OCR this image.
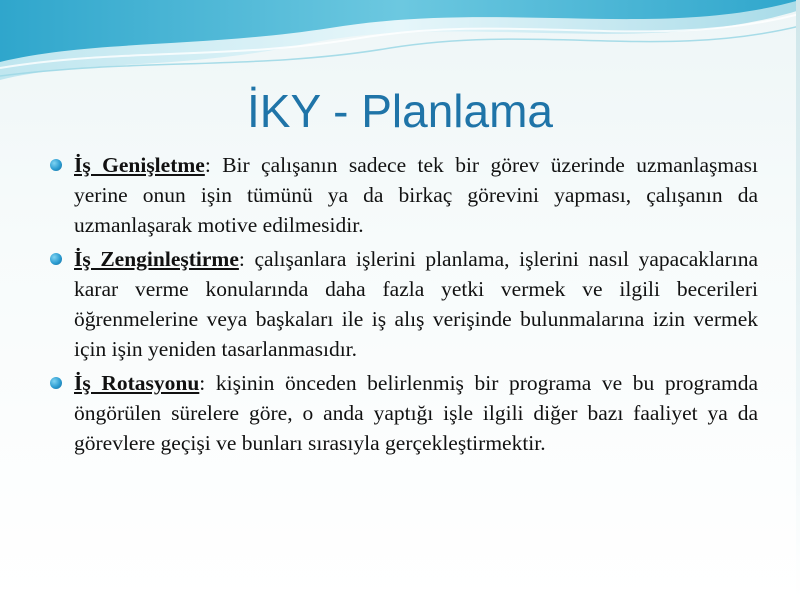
İKY - Planlama
İş Genişletme: Bir çalışanın sadece tek bir görev üzerinde uzmanlaşması yerine onun işin tümünü ya da birkaç görevini yapması, çalışanın da uzmanlaşarak motive edilmesidir.
İş Zenginleştirme: çalışanlara işlerini planlama, işlerini nasıl yapacaklarına karar verme konularında daha fazla yetki vermek ve ilgili becerileri öğrenmelerine veya başkaları ile iş alış verişinde bulunmalarına izin vermek için işin yeniden tasarlanmasıdır.
İş Rotasyonu: kişinin önceden belirlenmiş bir programa ve bu programda öngörülen sürelere göre, o anda yaptığı işle ilgili diğer bazı faaliyet ya da görevlere geçişi ve bunları sırasıyla gerçekleştirmektir.
